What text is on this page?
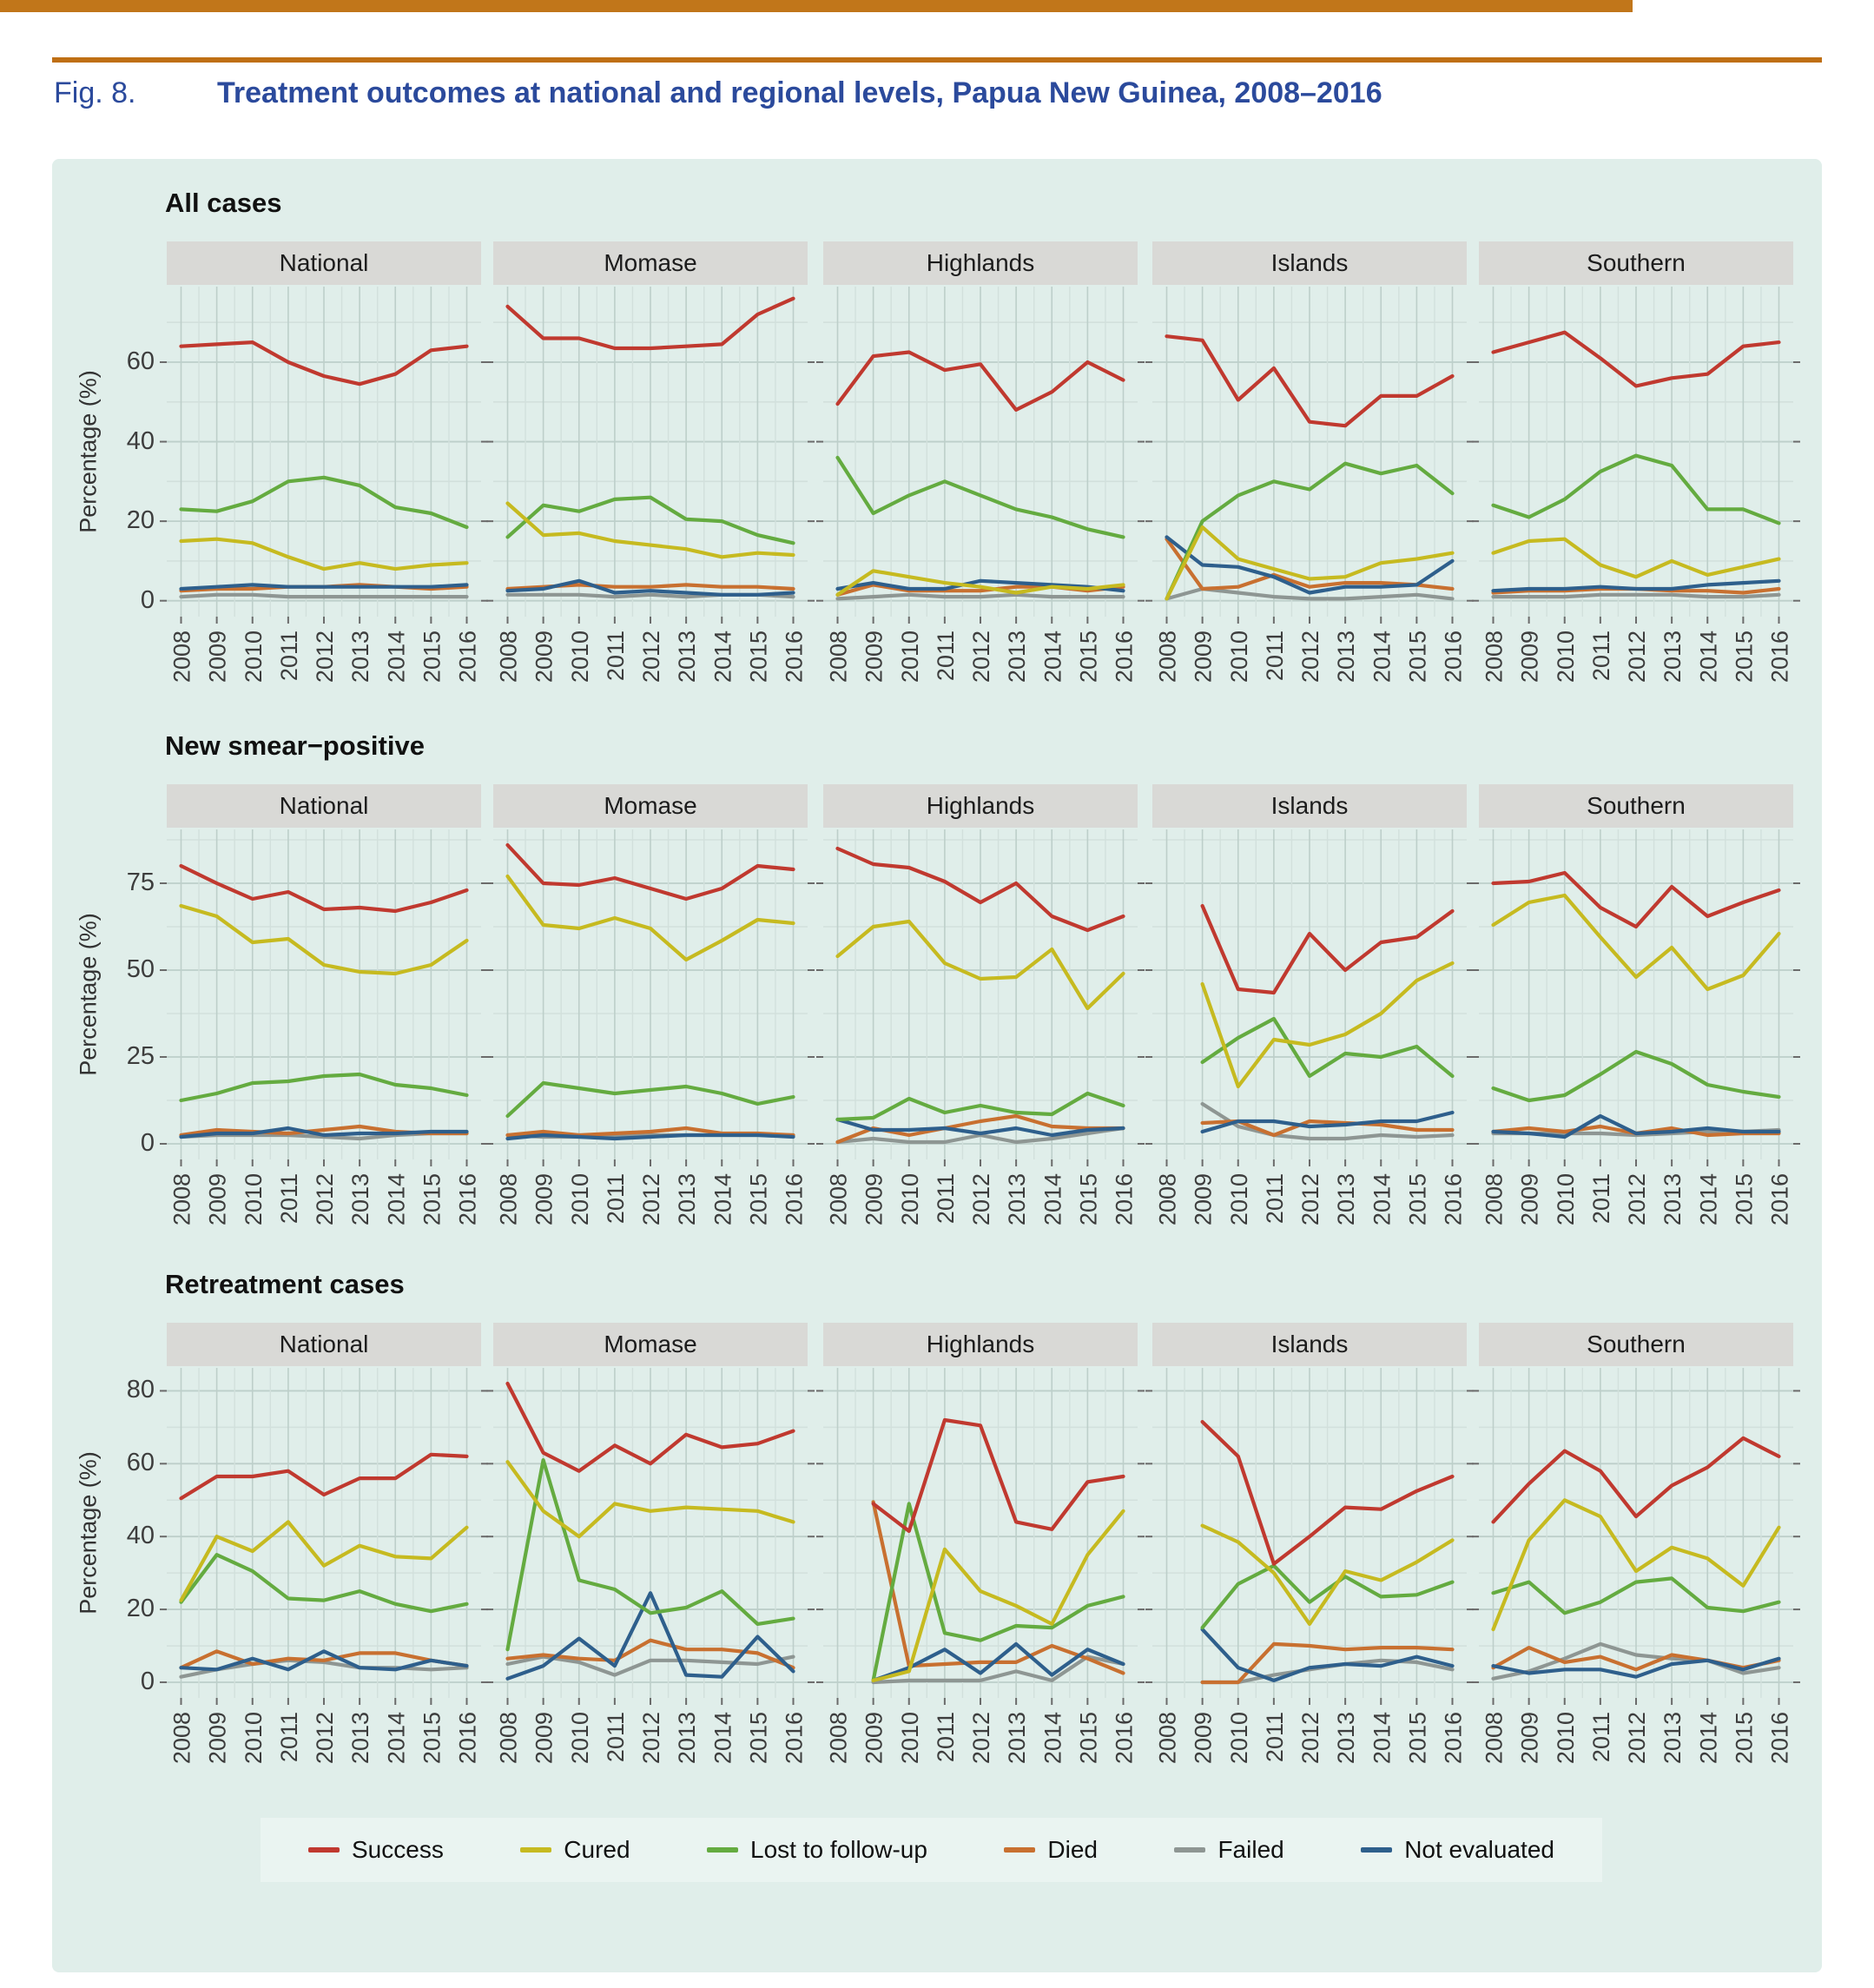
Fig. 8.	Treatment outcomes at national and regional levels, Papua New Guinea, 2008–2016
All cases
Percentage (%)
0
20
40
60
National
2008 2009 2010 2011 2012 2013 2014 2015 2016
Momase
2008 2009 2010 2011 2012 2013 2014 2015 2016
Highlands
2008 2009 2010 2011 2012 2013 2014 2015 2016
Islands
2008 2009 2010 2011 2012 2013 2014 2015 2016
Southern
2008 2009 2010 2011 2012 2013 2014 2015 2016
New smear−positive
Percentage (%)
0
25
50
75
National
2008 2009 2010 2011 2012 2013 2014 2015 2016
Momase
2008 2009 2010 2011 2012 2013 2014 2015 2016
Highlands
2008 2009 2010 2011 2012 2013 2014 2015 2016
Islands
2008 2009 2010 2011 2012 2013 2014 2015 2016
Southern
2008 2009 2010 2011 2012 2013 2014 2015 2016
Retreatment cases
Percentage (%)
0
20
40
60
80
National
2008 2009 2010 2011 2012 2013 2014 2015 2016
Momase
2008 2009 2010 2011 2012 2013 2014 2015 2016
Highlands
2008 2009 2010 2011 2012 2013 2014 2015 2016
Islands
2008 2009 2010 2011 2012 2013 2014 2015 2016
Southern
2008 2009 2010 2011 2012 2013 2014 2015 2016
Success	Cured	Lost to follow-up	Died	Failed	Not evaluated
